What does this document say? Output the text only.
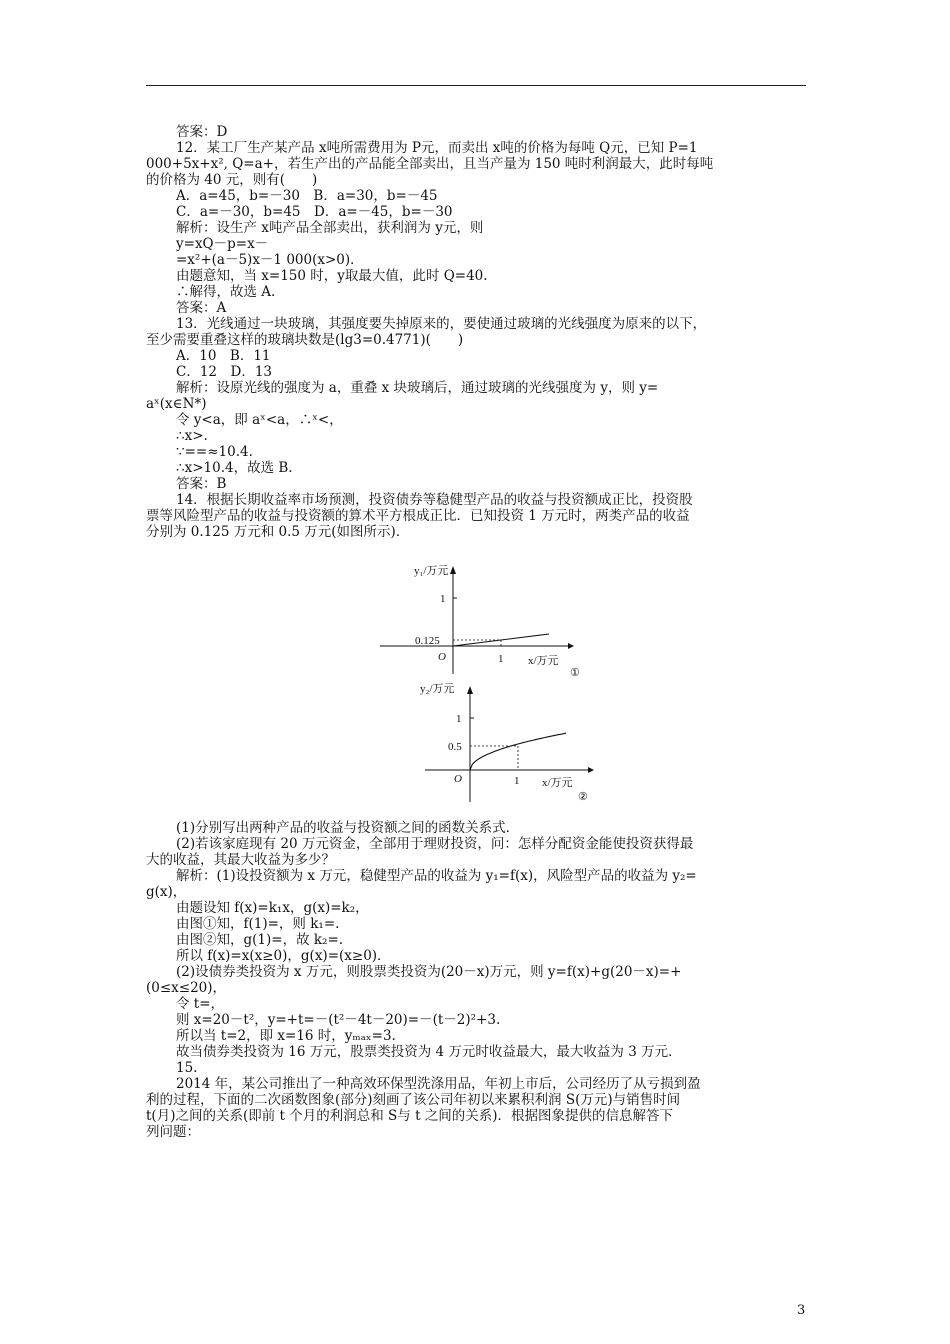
答案：D
12．某工厂生产某产品 x吨所需费用为 P元，而卖出 x吨的价格为每吨 Q元，已知 P=1
000+5x+x², Q=a+，若生产出的产品能全部卖出，且当产量为 150 吨时利润最大，此时每吨
的价格为 40 元，则有(　　)
A．a=45，b=－30　B．a=30，b=－45
C．a=－30，b=45　D．a=－45，b=－30
解析：设生产 x吨产品全部卖出，获利润为 y元，则
y=xQ－p=x－
=x²+(a－5)x－1 000(x>0)．
由题意知，当 x=150 时，y取最大值，此时 Q=40.
∴解得，故选 A.
答案：A
13．光线通过一块玻璃，其强度要失掉原来的，要使通过玻璃的光线强度为原来的以下，
至少需要重叠这样的玻璃块数是(lg3=0.4771)(　　)
A．10　B．11
C．12　D．13
解析：设原光线的强度为 a，重叠 x 块玻璃后，通过玻璃的光线强度为 y，则 y=
aˣ(x∈N*)
令 y<a，即 aˣ<a，∴ˣ<，
∴x>.
∵==≈10.4.
∴x>10.4，故选 B.
答案：B
14．根据长期收益率市场预测，投资债券等稳健型产品的收益与投资额成正比，投资股
票等风险型产品的收益与投资额的算术平方根成正比．已知投资 1 万元时，两类产品的收益
分别为 0.125 万元和 0.5 万元(如图所示)．
y₁/万元
1
0.125
O	1 x/万元
①
y₂/万元
1
0.5
O	1 x/万元
②
(1)分别写出两种产品的收益与投资额之间的函数关系式．
(2)若该家庭现有 20 万元资金，全部用于理财投资，问：怎样分配资金能使投资获得最
大的收益，其最大收益为多少？
解析：(1)设投资额为 x 万元，稳健型产品的收益为 y₁=f(x)，风险型产品的收益为 y₂=
g(x)，
由题设知 f(x)=k₁x，g(x)=k₂，
由图①知，f(1)=，则 k₁=.
由图②知，g(1)=，故 k₂=.
所以 f(x)=x(x≥0)，g(x)=(x≥0)．
(2)设债券类投资为 x 万元，则股票类投资为(20－x)万元，则 y=f(x)+g(20－x)=+
(0≤x≤20)，
令 t=，
则 x=20－t²，y=+t=－(t²－4t－20)=－(t－2)²+3.
所以当 t=2，即 x=16 时，yₘₐₓ=3.
故当债券类投资为 16 万元，股票类投资为 4 万元时收益最大，最大收益为 3 万元．
15.
2014 年，某公司推出了一种高效环保型洗涤用品，年初上市后，公司经历了从亏损到盈
利的过程，下面的二次函数图象(部分)刻画了该公司年初以来累积利润 S(万元)与销售时间
t(月)之间的关系(即前 t 个月的利润总和 S与 t 之间的关系)．根据图象提供的信息解答下
列问题：
3
